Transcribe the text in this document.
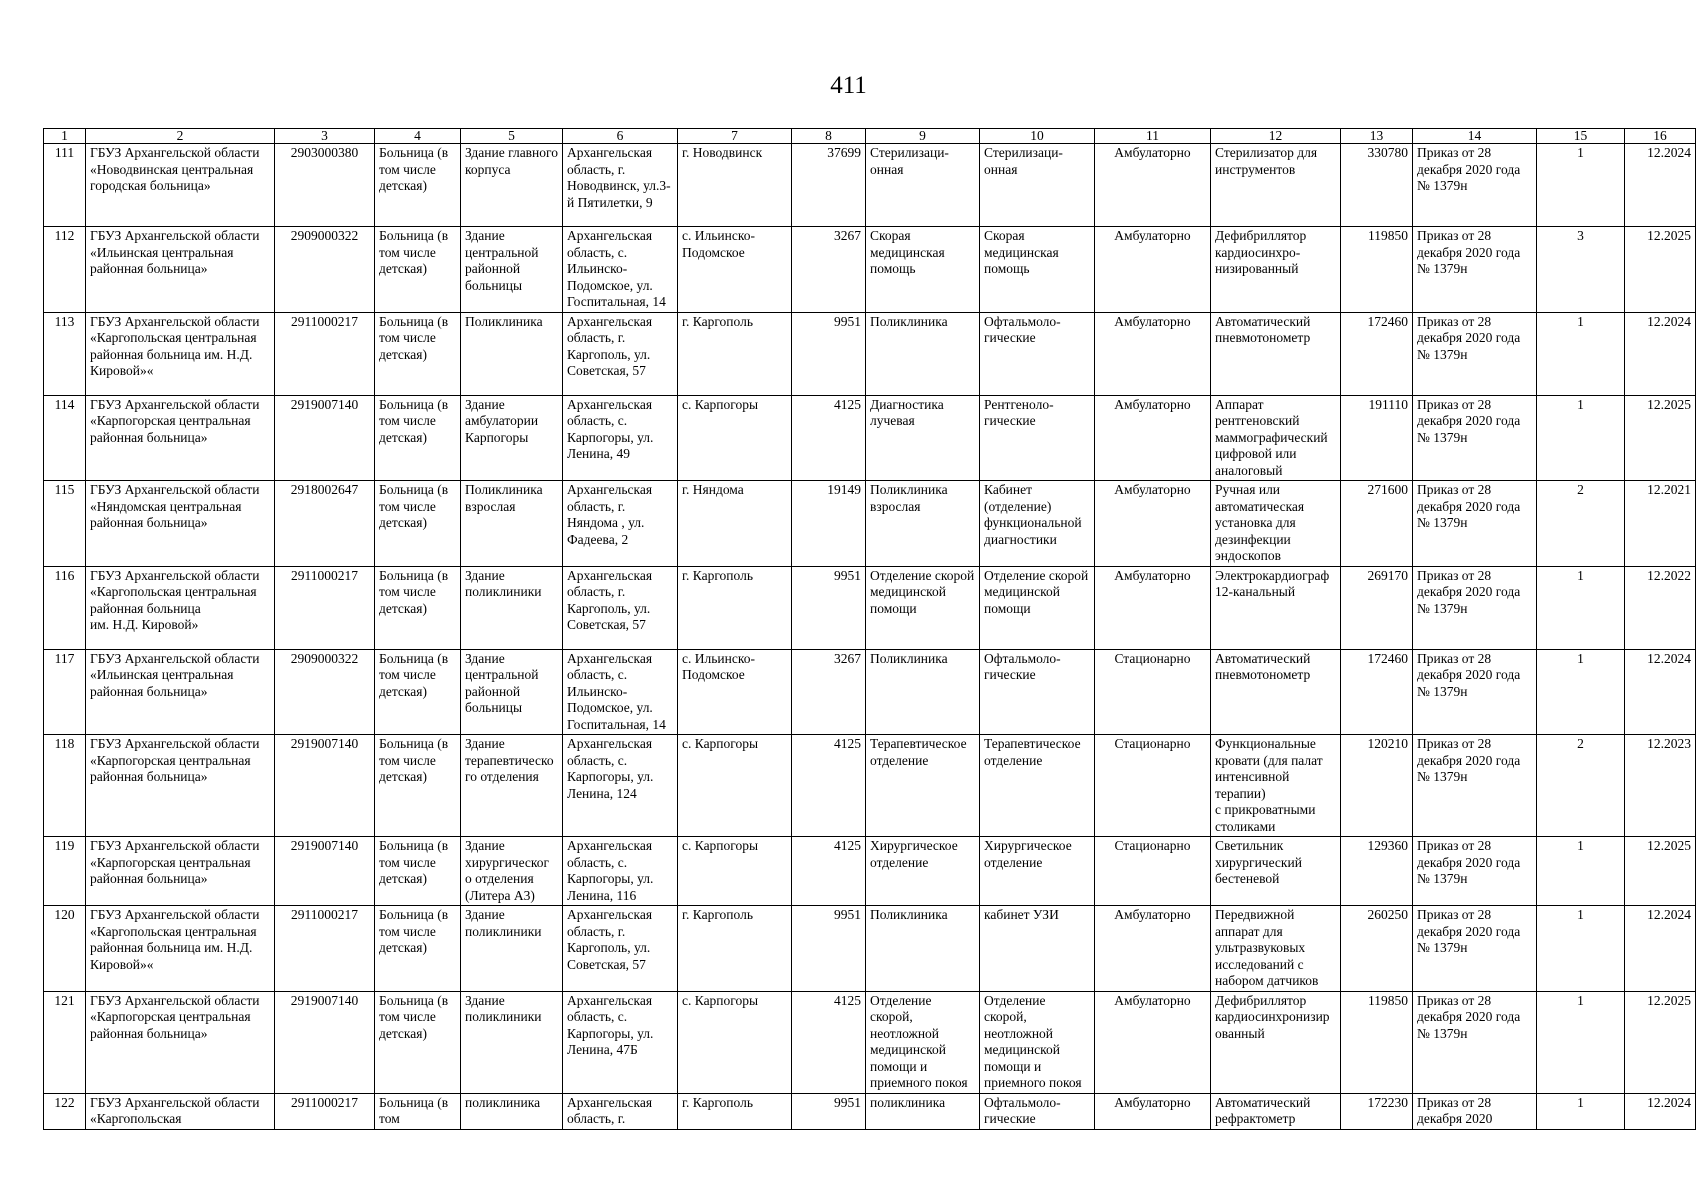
411
1	2	3	4	5	6	7	8	9	10	11	12	13	14	15	16
111	ГБУЗ Архангельской области «Новодвинская центральная городская больница»	2903000380	Больница (в том числе детская)	Здание главного корпуса	Архангельская область, г. Новодвинск, ул.3-й Пятилетки, 9	г. Новодвинск	37699	Стерилизаци-онная	Стерилизаци-онная	Амбулаторно	Стерилизатор для инструментов	330780	Приказ от 28 декабря 2020 года № 1379н	1	12.2024
112	ГБУЗ Архангельской области «Ильинская центральная районная больница»	2909000322	Больница (в том числе детская)	Здание центральной районной больницы	Архангельская область, с. Ильинско-Подомское, ул. Госпитальная, 14	с. Ильинско-Подомское	3267	Скорая медицинская помощь	Скорая медицинская помощь	Амбулаторно	Дефибриллятор кардиосинхро-низированный	119850	Приказ от 28 декабря 2020 года № 1379н	3	12.2025
113	ГБУЗ Архангельской области «Каргопольская центральная районная больница им. Н.Д. Кировой»«	2911000217	Больница (в том числе детская)	Поликлиника	Архангельская область, г. Каргополь, ул. Советская, 57	г. Каргополь	9951	Поликлиника	Офтальмоло-гические	Амбулаторно	Автоматический пневмотонометр	172460	Приказ от 28 декабря 2020 года № 1379н	1	12.2024
114	ГБУЗ Архангельской области «Карпогорская центральная районная больница»	2919007140	Больница (в том числе детская)	Здание амбулатории Карпогоры	Архангельская область, с. Карпогоры, ул. Ленина, 49	с. Карпогоры	4125	Диагностика лучевая	Рентгеноло-гические	Амбулаторно	Аппарат рентгеновский маммографический цифровой или аналоговый	191110	Приказ от 28 декабря 2020 года № 1379н	1	12.2025
115	ГБУЗ Архангельской области «Няндомская центральная районная больница»	2918002647	Больница (в том числе детская)	Поликлиника взрослая	Архангельская область, г. Няндома , ул. Фадеева, 2	г. Няндома	19149	Поликлиника взрослая	Кабинет (отделение) функциональной диагностики	Амбулаторно	Ручная или автоматическая установка для дезинфекции эндоскопов	271600	Приказ от 28 декабря 2020 года № 1379н	2	12.2021
116	ГБУЗ Архангельской области «Каргопольская центральная районная больница
им. Н.Д. Кировой»	2911000217	Больница (в том числе детская)	Здание поликлиники	Архангельская область, г. Каргополь, ул. Советская, 57	г. Каргополь	9951	Отделение скорой медицинской помощи	Отделение скорой медицинской помощи	Амбулаторно	Электрокардиограф 12-канальный	269170	Приказ от 28 декабря 2020 года № 1379н	1	12.2022
117	ГБУЗ Архангельской области «Ильинская центральная районная больница»	2909000322	Больница (в том числе детская)	Здание центральной районной больницы	Архангельская область, с. Ильинско-Подомское, ул. Госпитальная, 14	с. Ильинско-Подомское	3267	Поликлиника	Офтальмоло-гические	Стационарно	Автоматический пневмотонометр	172460	Приказ от 28 декабря 2020 года № 1379н	1	12.2024
118	ГБУЗ Архангельской области «Карпогорская центральная районная больница»	2919007140	Больница (в том числе детская)	Здание терапевтическо го отделения	Архангельская область, с. Карпогоры, ул. Ленина, 124	с. Карпогоры	4125	Терапевтическое отделение	Терапевтическое отделение	Стационарно	Функциональные кровати (для палат интенсивной терапии)
с прикроватными столиками	120210	Приказ от 28 декабря 2020 года № 1379н	2	12.2023
119	ГБУЗ Архангельской области «Карпогорская центральная районная больница»	2919007140	Больница (в том числе детская)	Здание хирургическог о отделения (Литера А3)	Архангельская область, с. Карпогоры, ул. Ленина, 116	с. Карпогоры	4125	Хирургическое отделение	Хирургическое отделение	Стационарно	Светильник хирургический бестеневой	129360	Приказ от 28 декабря 2020 года № 1379н	1	12.2025
120	ГБУЗ Архангельской области «Каргопольская центральная районная больница им. Н.Д. Кировой»«	2911000217	Больница (в том числе детская)	Здание поликлиники	Архангельская область, г. Каргополь, ул. Советская, 57	г. Каргополь	9951	Поликлиника	кабинет УЗИ	Амбулаторно	Передвижной аппарат для ультразвуковых исследований с набором датчиков	260250	Приказ от 28 декабря 2020 года № 1379н	1	12.2024
121	ГБУЗ Архангельской области «Карпогорская центральная районная больница»	2919007140	Больница (в том числе детская)	Здание поликлиники	Архангельская область, с. Карпогоры, ул. Ленина, 47Б	с. Карпогоры	4125	Отделение скорой, неотложной медицинской помощи и приемного покоя	Отделение скорой, неотложной медицинской помощи и приемного покоя	Амбулаторно	Дефибриллятор кардиосинхронизир ованный	119850	Приказ от 28 декабря 2020 года № 1379н	1	12.2025
122	ГБУЗ Архангельской области «Каргопольская	2911000217	Больница (в том	поликлиника	Архангельская область, г.	г. Каргополь	9951	поликлиника	Офтальмоло-гические	Амбулаторно	Автоматический рефрактометр	172230	Приказ от 28 декабря 2020	1	12.2024
